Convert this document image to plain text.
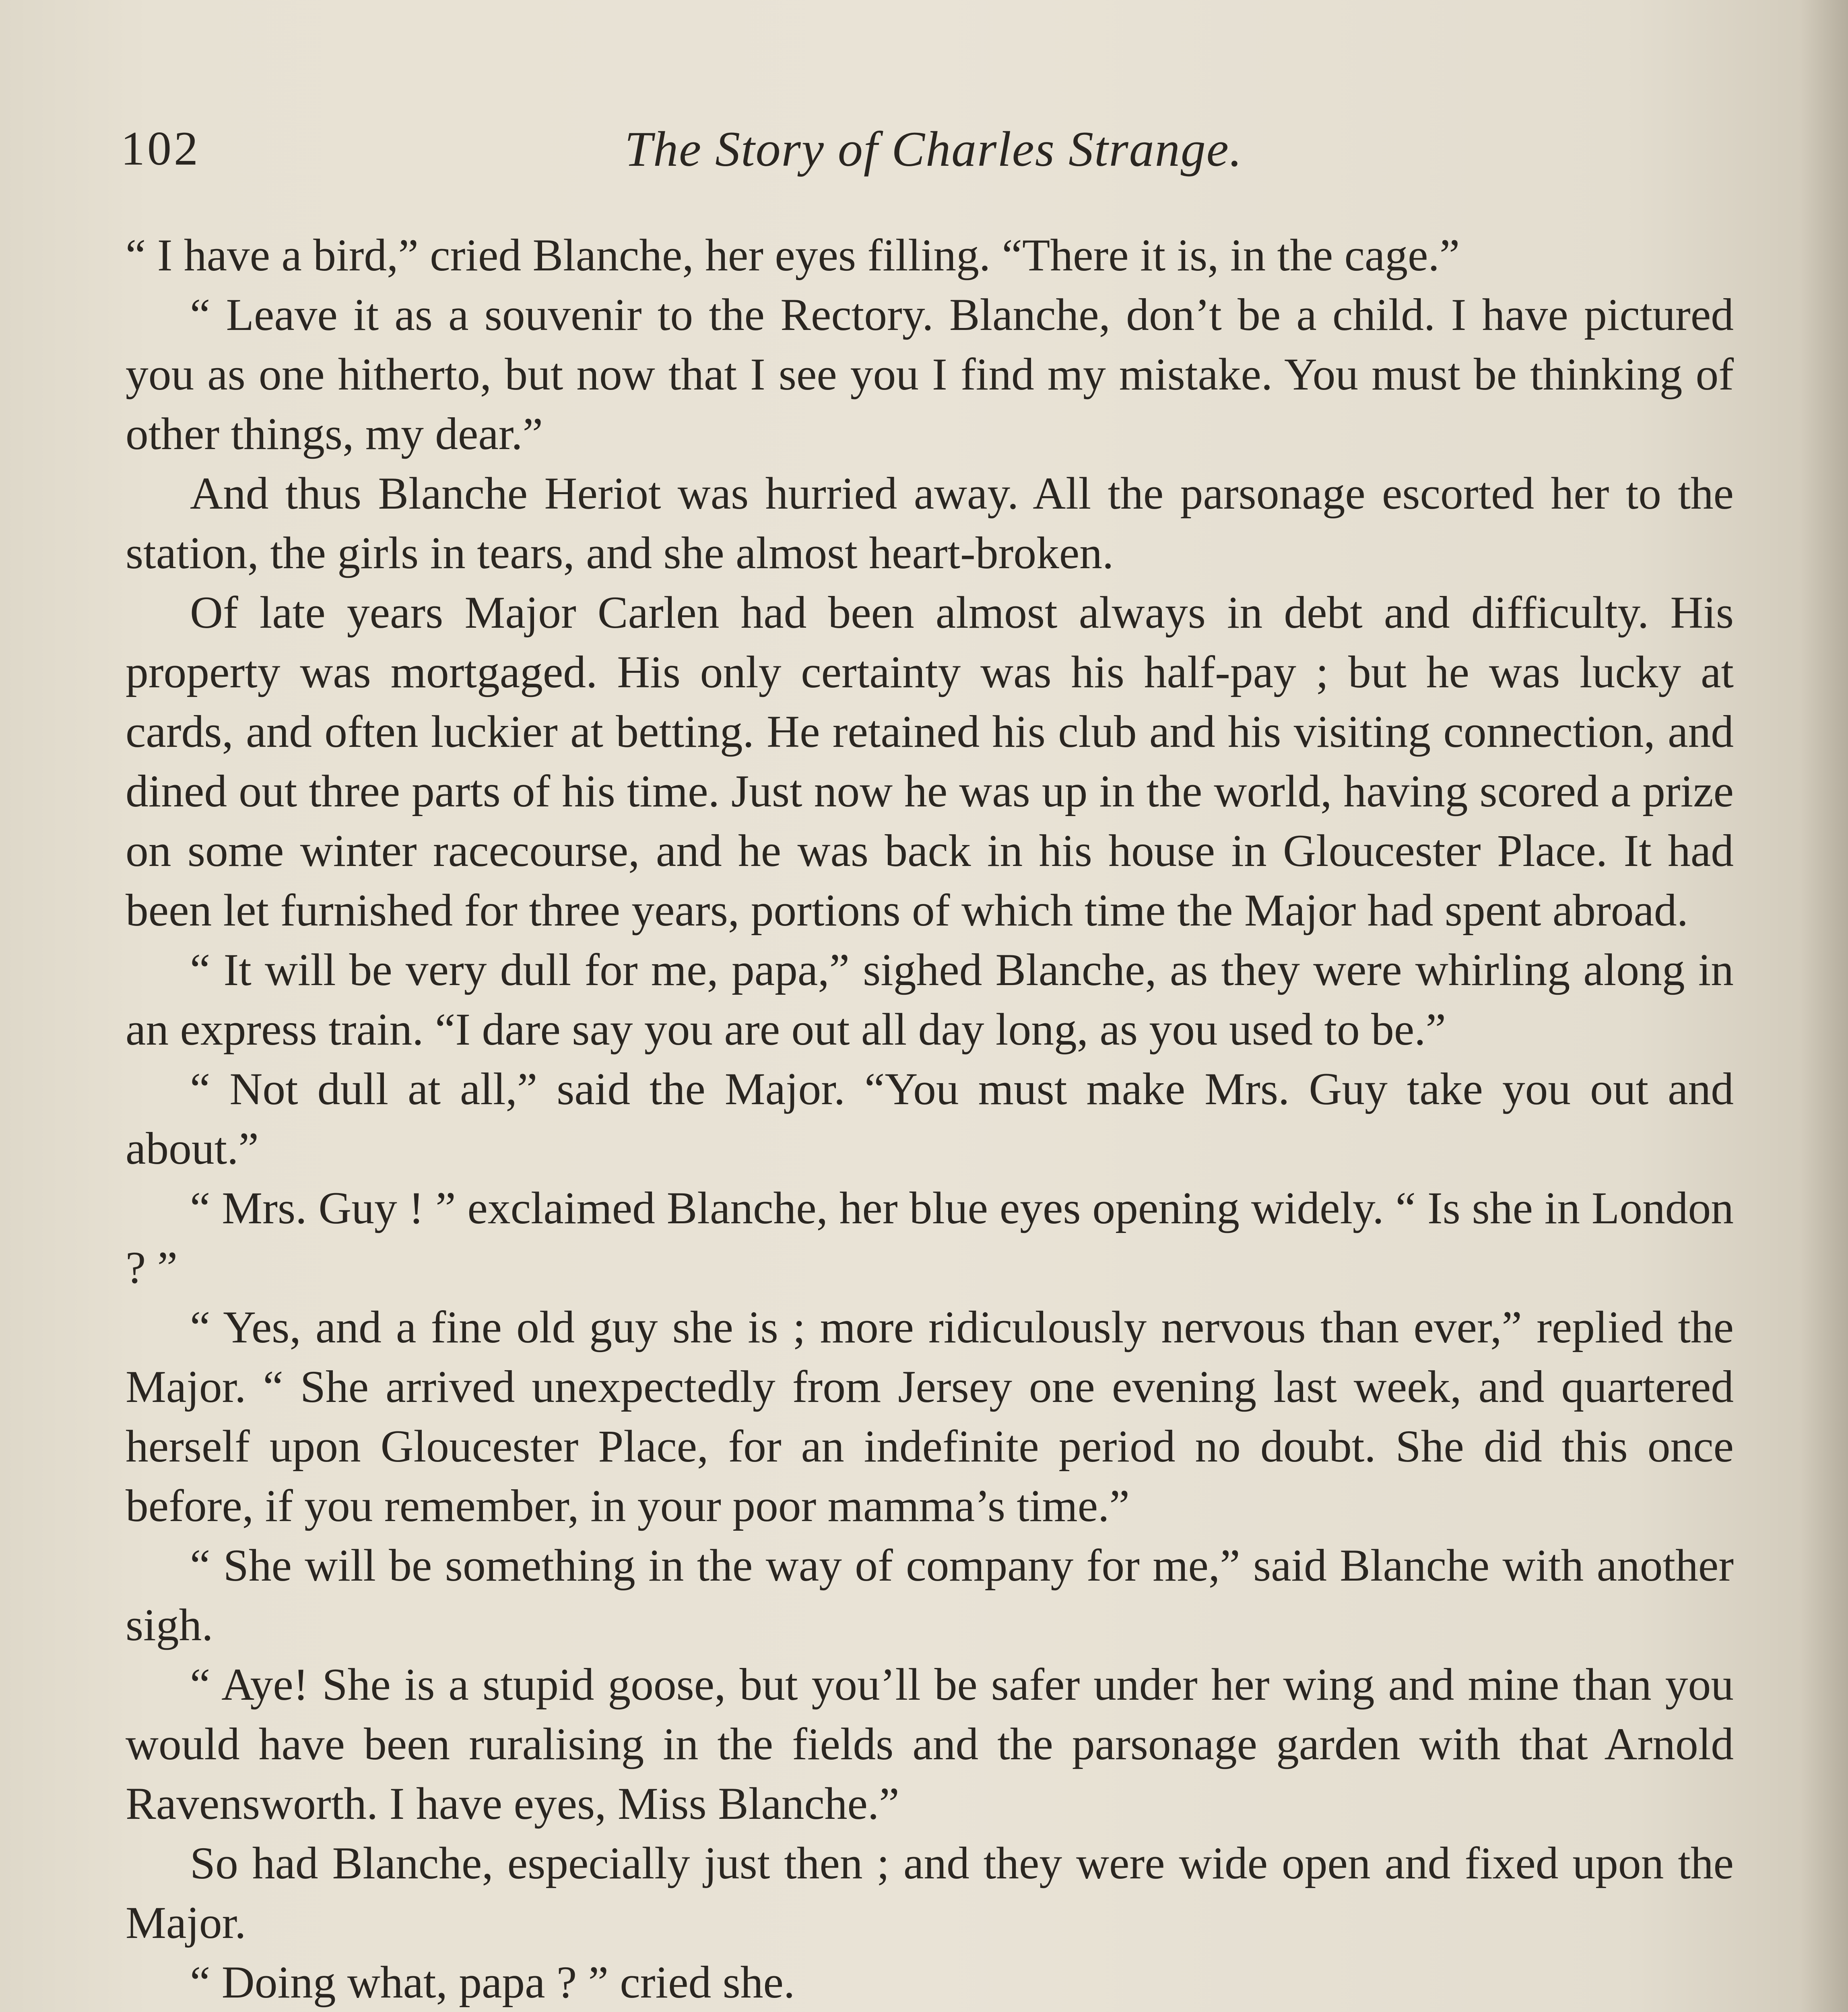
102	The Story of Charles Strange.

“ I have a bird,” cried Blanche, her eyes filling. “There it is, in the cage.”

“ Leave it as a souvenir to the Rectory. Blanche, don’t be a child. I have pictured you as one hitherto, but now that I see you I find my mistake. You must be thinking of other things, my dear.”

And thus Blanche Heriot was hurried away. All the parsonage escorted her to the station, the girls in tears, and she almost heart-broken.

Of late years Major Carlen had been almost always in debt and difficulty. His property was mortgaged. His only certainty was his half-pay ; but he was lucky at cards, and often luckier at betting. He retained his club and his visiting connection, and dined out three parts of his time. Just now he was up in the world, having scored a prize on some winter racecourse, and he was back in his house in Gloucester Place. It had been let furnished for three years, portions of which time the Major had spent abroad.

“ It will be very dull for me, papa,” sighed Blanche, as they were whirling along in an express train. “I dare say you are out all day long, as you used to be.”

“ Not dull at all,” said the Major. “You must make Mrs. Guy take you out and about.”

“ Mrs. Guy ! ” exclaimed Blanche, her blue eyes opening widely. “ Is she in London ? ”

“ Yes, and a fine old guy she is ; more ridiculously nervous than ever,” replied the Major. “ She arrived unexpectedly from Jersey one evening last week, and quartered herself upon Gloucester Place, for an indefinite period no doubt. She did this once before, if you remember, in your poor mamma’s time.”

“ She will be something in the way of company for me,” said Blanche with another sigh.

“ Aye! She is a stupid goose, but you’ll be safer under her wing and mine than you would have been ruralising in the fields and the parsonage garden with that Arnold Ravensworth. I have eyes, Miss Blanche.”

So had Blanche, especially just then ; and they were wide open and fixed upon the Major.

“ Doing what, papa ? ” cried she.
